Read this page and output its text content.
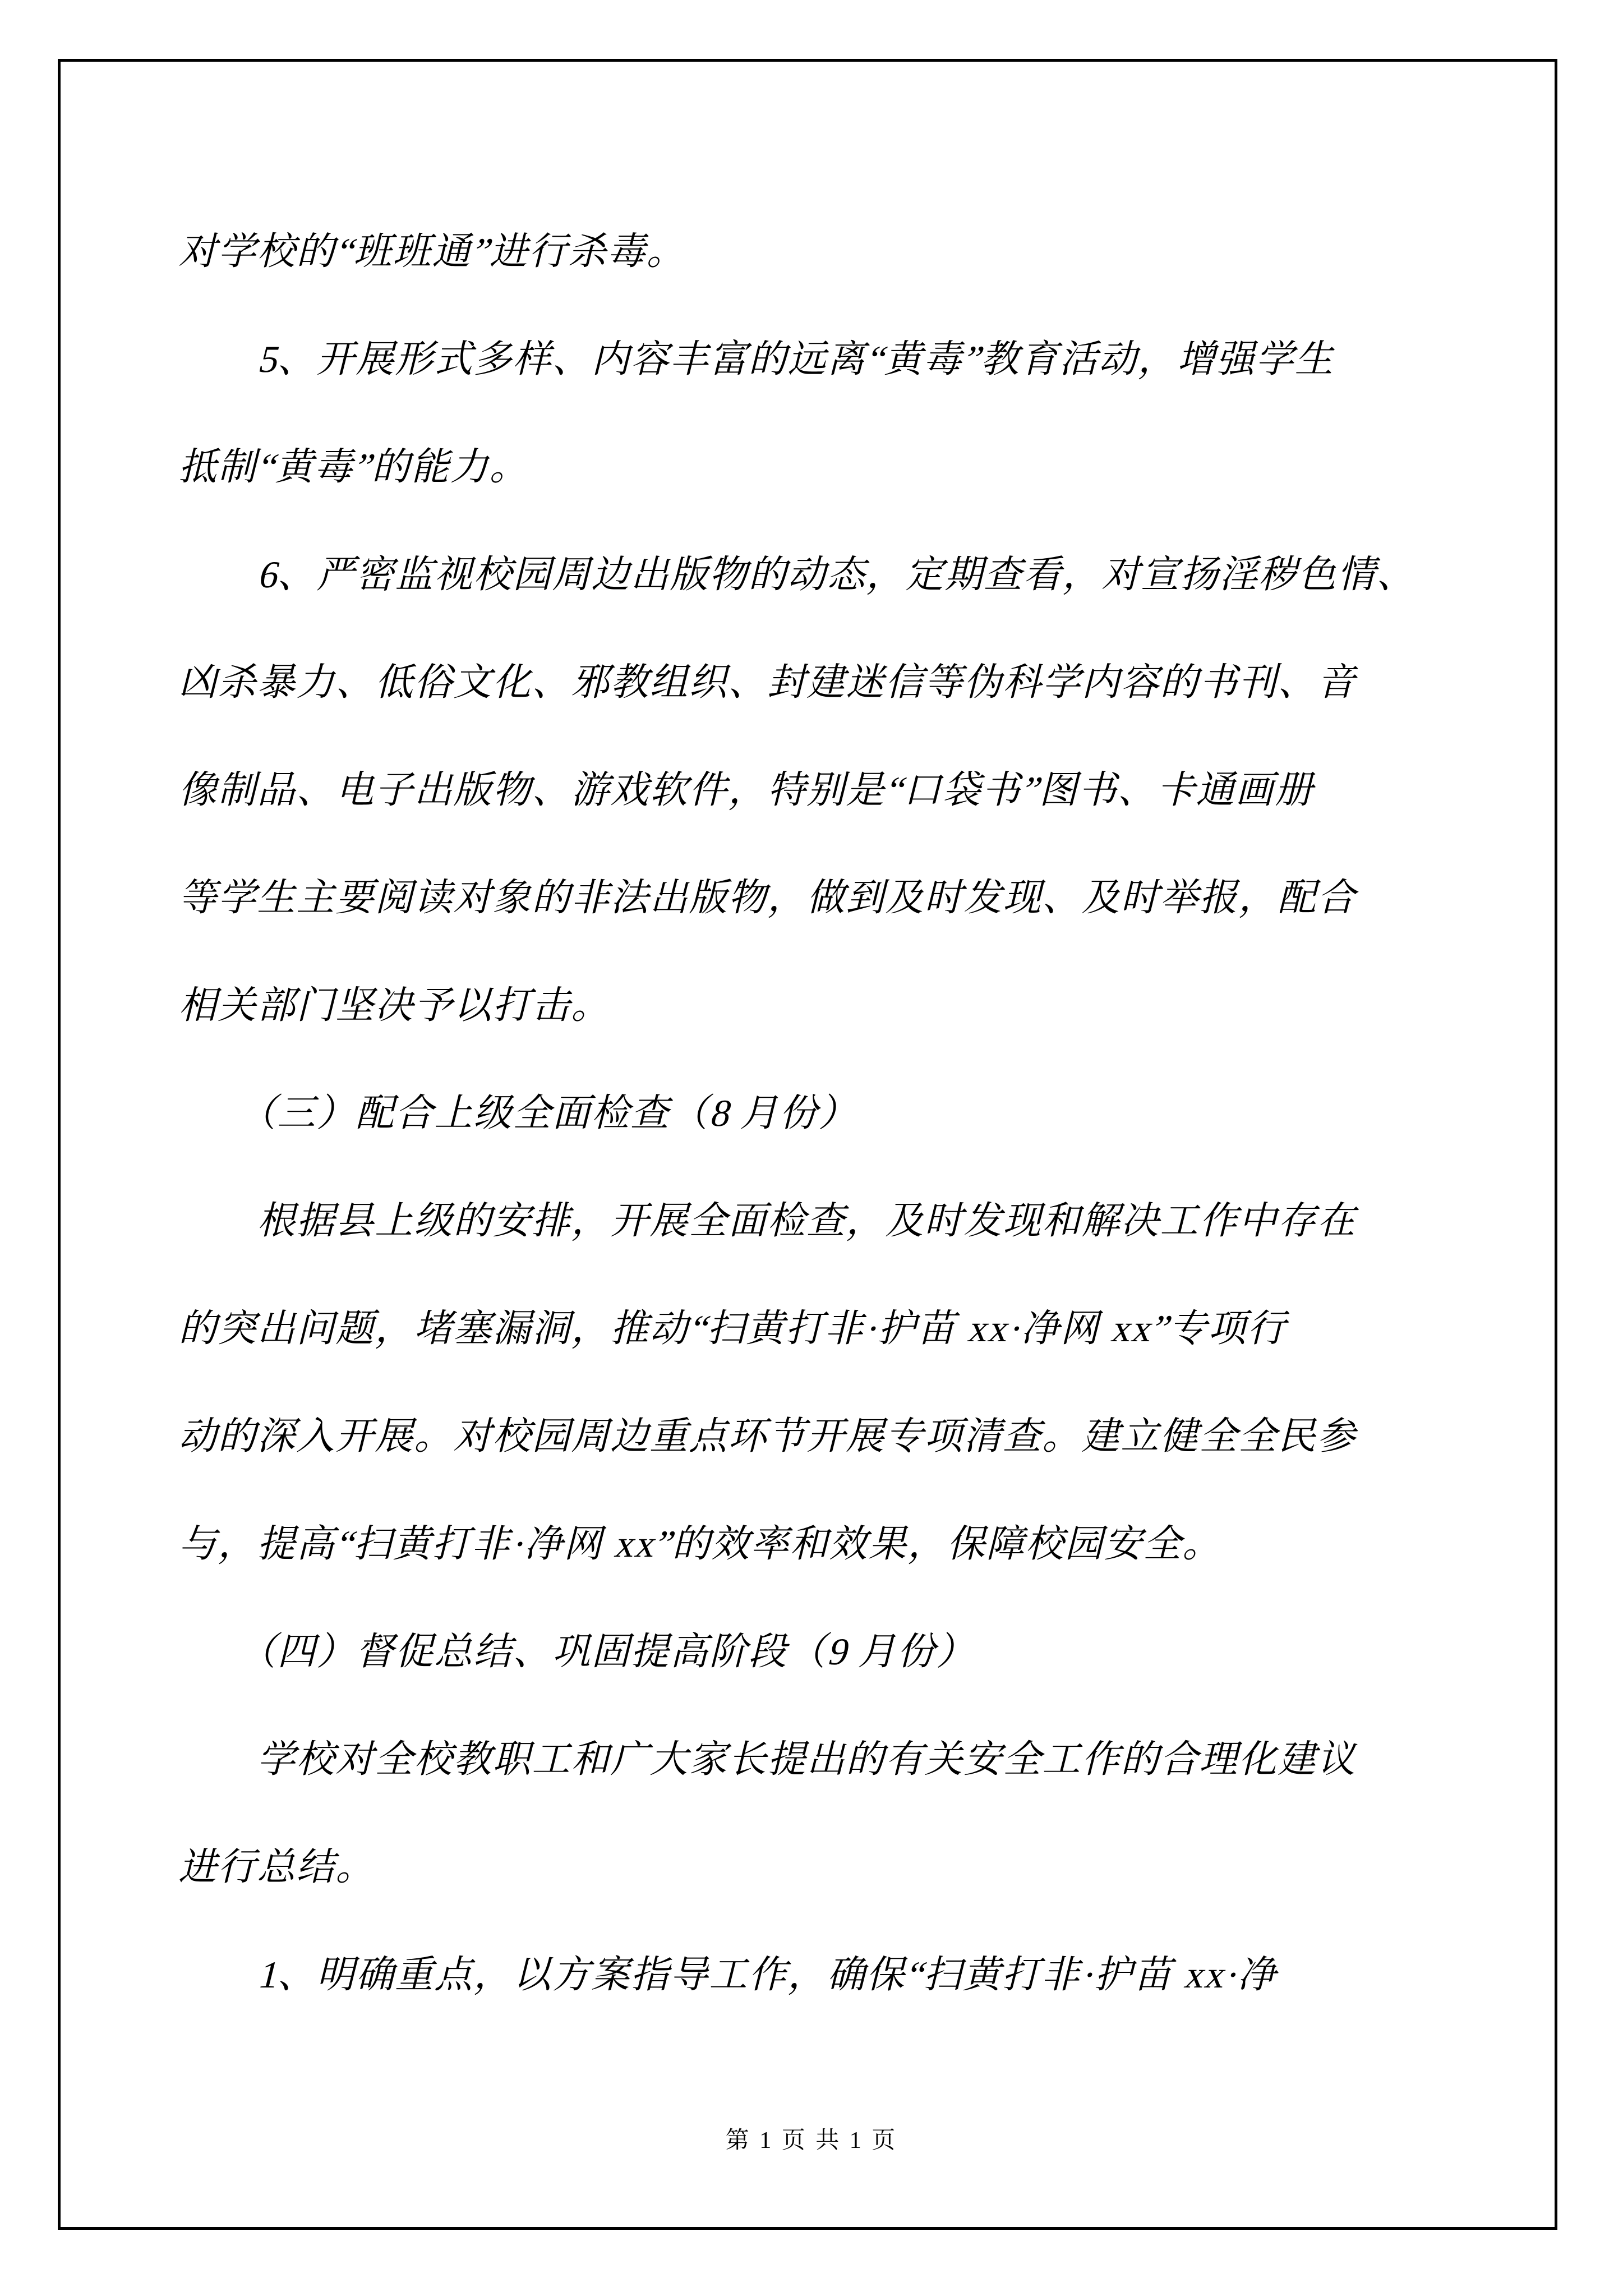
对学校的“班班通”进行杀毒。
　　5、开展形式多样、内容丰富的远离“黄毒”教育活动，增强学生
抵制“黄毒”的能力。
　　6、严密监视校园周边出版物的动态，定期查看，对宣扬淫秽色情、
凶杀暴力、低俗文化、邪教组织、封建迷信等伪科学内容的书刊、音
像制品、电子出版物、游戏软件，特别是“口袋书”图书、卡通画册
等学生主要阅读对象的非法出版物，做到及时发现、及时举报，配合
相关部门坚决予以打击。
　　（三）配合上级全面检查（8 月份）
　　根据县上级的安排，开展全面检查，及时发现和解决工作中存在
的突出问题，堵塞漏洞，推动“扫黄打非·护苗 xx·净网 xx”专项行
动的深入开展。对校园周边重点环节开展专项清查。建立健全全民参
与，提高“扫黄打非·净网 xx”的效率和效果，保障校园安全。
　　（四）督促总结、巩固提高阶段（9 月份）
　　学校对全校教职工和广大家长提出的有关安全工作的合理化建议
进行总结。
　　1、明确重点，以方案指导工作，确保“扫黄打非·护苗 xx·净
第 1 页 共 1 页
